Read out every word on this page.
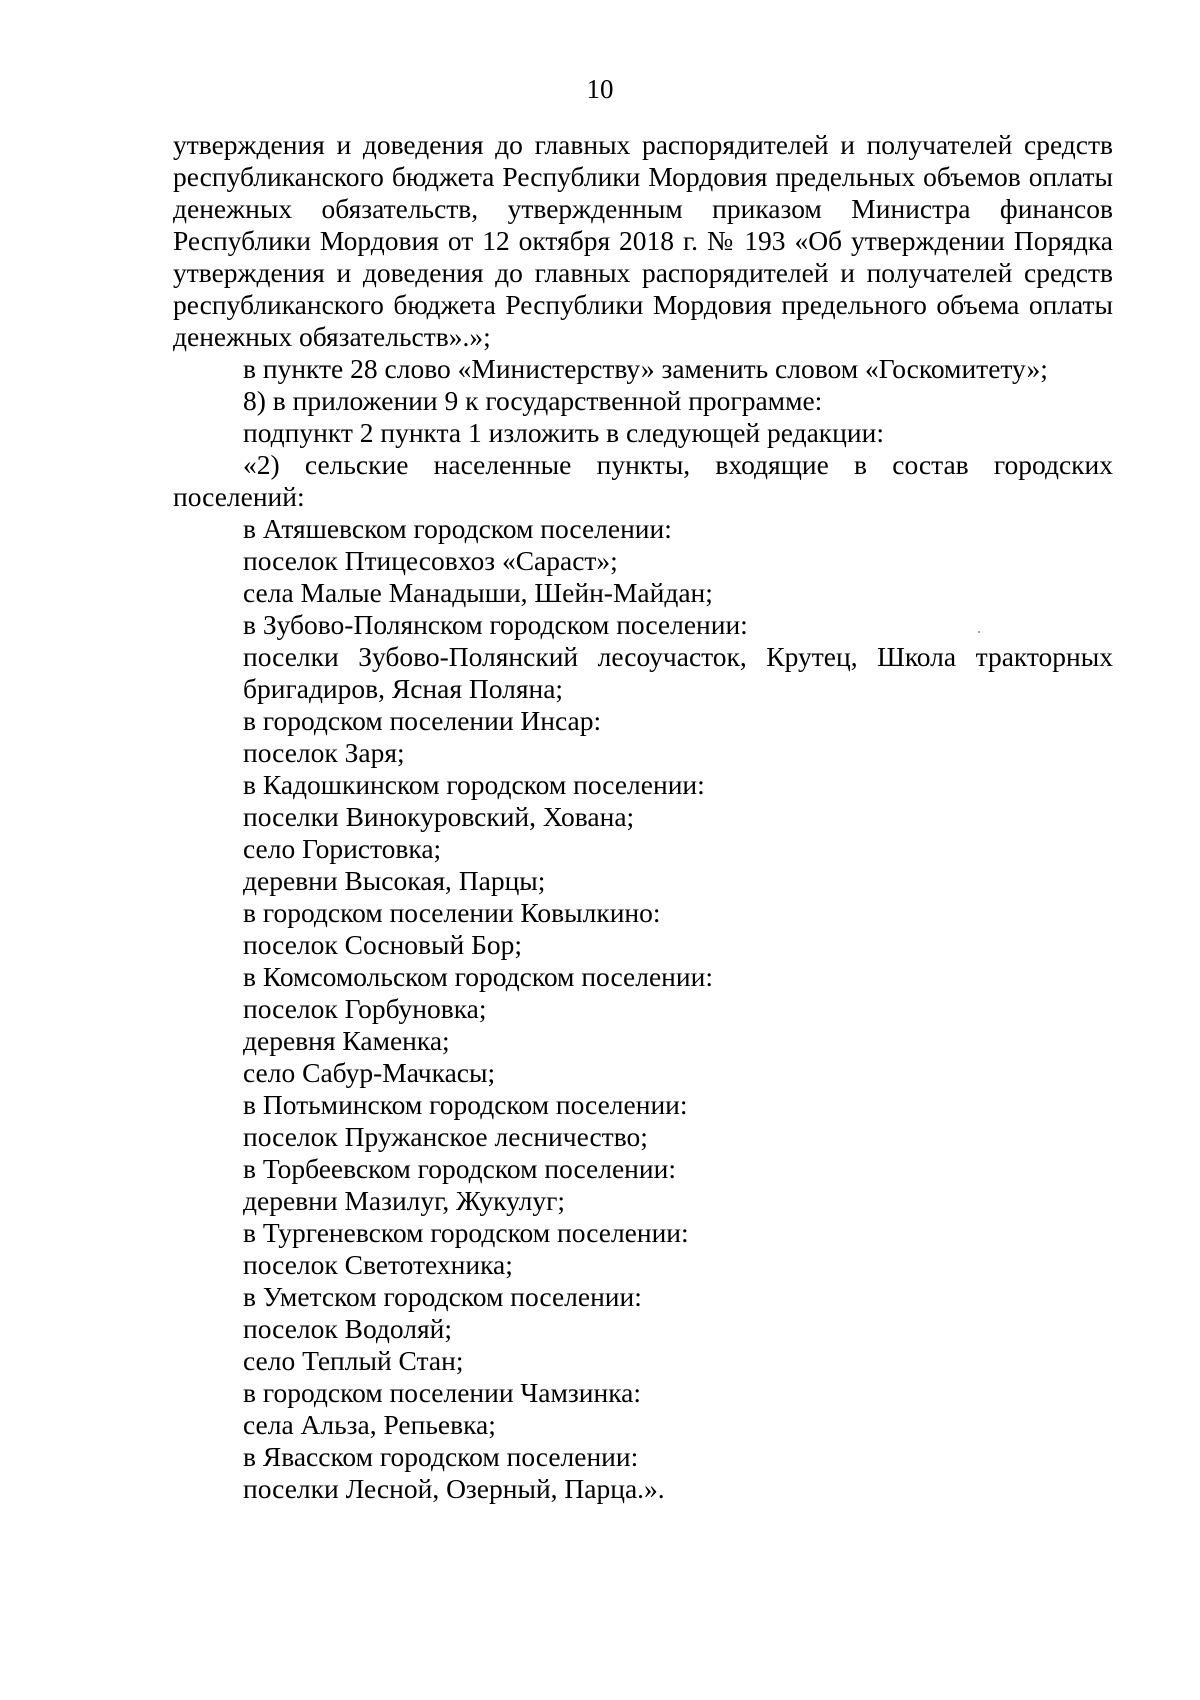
10

утверждения и доведения до главных распорядителей и получателей средств республиканского бюджета Республики Мордовия предельных объемов оплаты денежных обязательств, утвержденным приказом Министра финансов Республики Мордовия от 12 октября 2018 г. № 193 «Об утверждении Порядка утверждения и доведения до главных распорядителей и получателей средств республиканского бюджета Республики Мордовия предельного объема оплаты денежных обязательств».»;

в пункте 28 слово «Министерству» заменить словом «Госкомитету»;

8) в приложении 9 к государственной программе:

подпункт 2 пункта 1 изложить в следующей редакции:

«2) сельские населенные пункты, входящие в состав городских поселений:

в Атяшевском городском поселении:
поселок Птицесовхоз «Сараст»;
села Малые Манадыши, Шейн-Майдан;
в Зубово-Полянском городском поселении:
поселки Зубово-Полянский лесоучасток, Крутец, Школа тракторных бригадиров, Ясная Поляна;
в городском поселении Инсар:
поселок Заря;
в Кадошкинском городском поселении:
поселки Винокуровский, Хована;
село Гористовка;
деревни Высокая, Парцы;
в городском поселении Ковылкино:
поселок Сосновый Бор;
в Комсомольском городском поселении:
поселок Горбуновка;
деревня Каменка;
село Сабур-Мачкасы;
в Потьминском городском поселении:
поселок Пружанское лесничество;
в Торбеевском городском поселении:
деревни Мазилуг, Жукулуг;
в Тургеневском городском поселении:
поселок Светотехника;
в Уметском городском поселении:
поселок Водоляй;
село Теплый Стан;
в городском поселении Чамзинка:
села Альза, Репьевка;
в Явасском городском поселении:
поселки Лесной, Озерный, Парца.».
